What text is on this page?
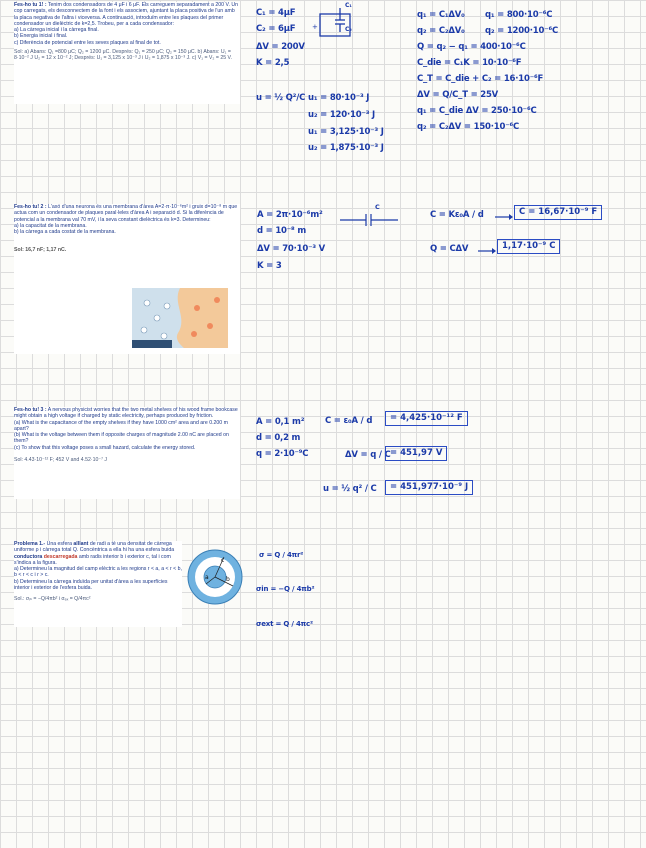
Fes-ho tu 1! : Tenim dos condensadors de 4 μF i 6 μF. Els carreguem separadament a 200 V. Un cop carregats, els desconnectem de la font i els associem, ajuntant la placa positiva de l'un amb la placa negativa de l'altra i viceversa. A continuació, introduïm entre les plaques del primer condensador un dielèctric de k=2,5. Trobeu, per a cada condensador:
a) La càrrega inicial i la càrrega final.
b) Energia inicial i final.
c) Diferència de potencial entre les seves plaques al final de tot.
Sol: a) Abans: Q₁ =800 μC; Q₂ = 1200 μC. Després: Q₁ = 250 μC; Q₂ = 150 μC. b) Abans: U₁ = 8·10⁻² J U₂ = 12 x 10⁻² J; Després: U₁ = 3,125 x 10⁻³ J i U₂ = 1,875 x 10⁻³ J. c) V₁ = V₂ = 25 V.
C₁ = 4μF
C₂ = 6μF
ΔV = 200V
K = 2,5
+
C₁
C₂
q₁ = C₁ΔV₀ q₁ = 800·10⁻⁶C
q₂ = C₂ΔV₀ q₂ = 1200·10⁻⁶C
Q = q₂ − q₁ = 400·10⁻⁶C
C_die = C₁K = 10·10⁻⁶F
C_T = C_die + C₂ = 16·10⁻⁶F
ΔV = Q/C_T = 25V
q₁ = C_die ΔV = 250·10⁻⁶C
q₂ = C₂ΔV = 150·10⁻⁶C
u = ½ Q²/C u₁ = 80·10⁻³ J
u₂ = 120·10⁻³ J
u₁ = 3,125·10⁻³ J
u₂ = 1,875·10⁻³ J
Fes-ho tu! 2 : L'axó d'una neurona és una membrana d'àrea A=2·π·10⁻⁶m² i gruix d=10⁻⁸ m que actua com un condensador de plaques paral·leles d'àrea A i separació d. Si la diferència de potencial a la membrana val 70 mV, i la seva constant dielèctrica és k=3. Determineu:
a) la capacitat de la membrana.
b) la càrrega a cada costat de la membrana.
Sol: 16,7 nF; 1,17 nC.
A = 2π·10⁻⁶m²
d = 10⁻⁸ m
ΔV = 70·10⁻³ V
K = 3
C
C = Kε₀A / d	C = 16,67·10⁻⁹ F
Q = CΔV	1,17·10⁻⁹ C
Fes-ho tu! 3 : A nervous physicist worries that the two metal shelves of his wood frame bookcase might obtain a high voltage if charged by static electricity, perhaps produced by friction.
(a) What is the capacitance of the empty shelves if they have 1000 cm² area and are 0.200 m apart?
(b) What is the voltage between them if opposite charges of magnitude 2.00 nC are placed on them?
(c) To show that this voltage poses a small hazard, calculate the energy stored.
Sol: 4.43·10⁻¹² F; 452 V and 4.52·10⁻⁷ J
A = 0,1 m²
d = 0,2 m
q = 2·10⁻⁹C
C = ε₀A / d	= 4,425·10⁻¹² F
ΔV = q / C = 451,97 V
u = ½ q² / C	= 451,977·10⁻⁹ J
Problema 1.- Una esfera aïllant de radi a té una densitat de càrrega uniforme ρ i càrrega total Q. Concèntrica a ella hi ha una esfera buida conductora descarregada amb radis interior b i exterior c, tal i com s'indica a la figura.
a) Determineu la magnitud del camp elèctric a les regions r < a, a < r < b, b < r < c i r > c.
b) Determineu la càrrega induïda per unitat d'àrea a les superfícies interior i exterior de l'esfera buida.
Sol.: σᵢₙ = −Q/4πb² i σₑₓ = Q/4πc²
a	b
c
σ = Q / 4πr²
σin = −Q / 4πb²
σext = Q / 4πc²
